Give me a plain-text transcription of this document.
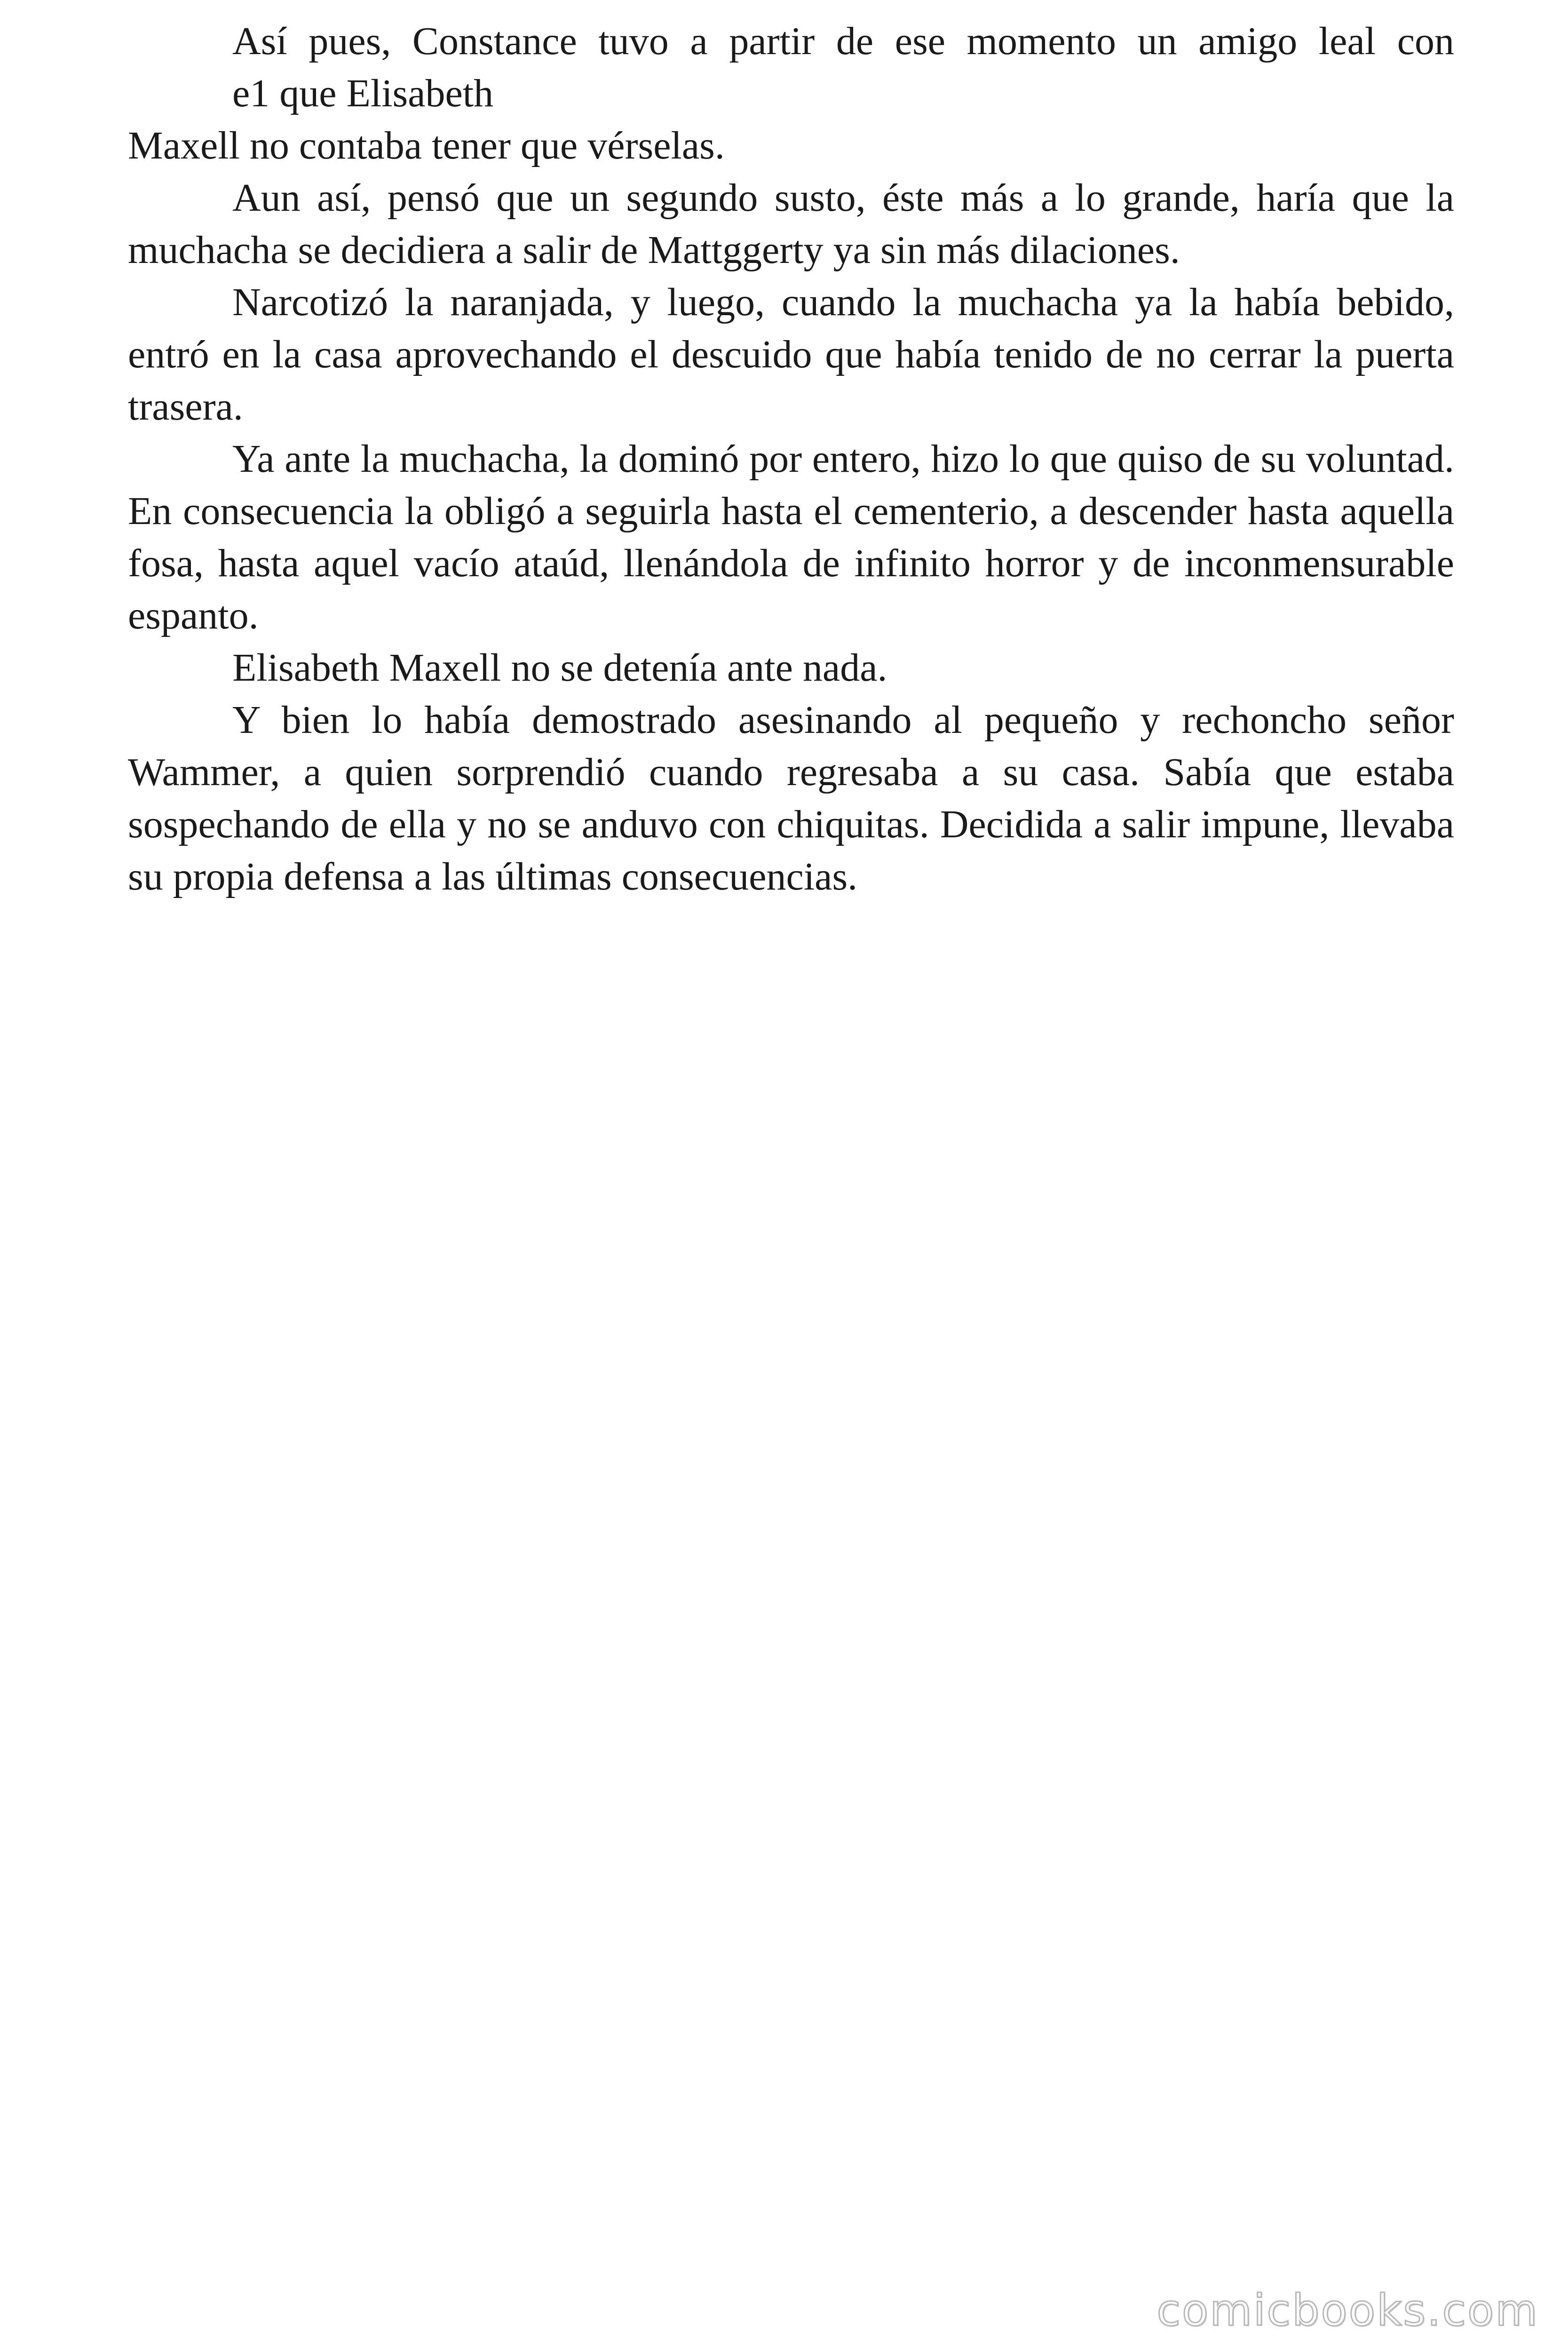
Así pues, Constance tuvo a partir de ese momento un amigo leal con
e1 que Elisabeth
Maxell no contaba tener que vérselas.

Aun así, pensó que un segundo susto, éste más a lo grande, haría que la muchacha se decidiera a salir de Mattggerty ya sin más dilaciones.

Narcotizó la naranjada, y luego, cuando la muchacha ya la había bebido, entró en la casa aprovechando el descuido que había tenido de no cerrar la puerta trasera.

Ya ante la muchacha, la dominó por entero, hizo lo que quiso de su voluntad. En consecuencia la obligó a seguirla hasta el cementerio, a descender hasta aquella fosa, hasta aquel vacío ataúd, llenándola de infinito horror y de inconmensurable espanto.

Elisabeth Maxell no se detenía ante nada.

Y bien lo había demostrado asesinando al pequeño y rechoncho señor Wammer, a quien sorprendió cuando regresaba a su casa. Sabía que estaba sospechando de ella y no se anduvo con chiquitas. Decidida a salir impune, llevaba su propia defensa a las últimas consecuencias.

comicbooks.com
